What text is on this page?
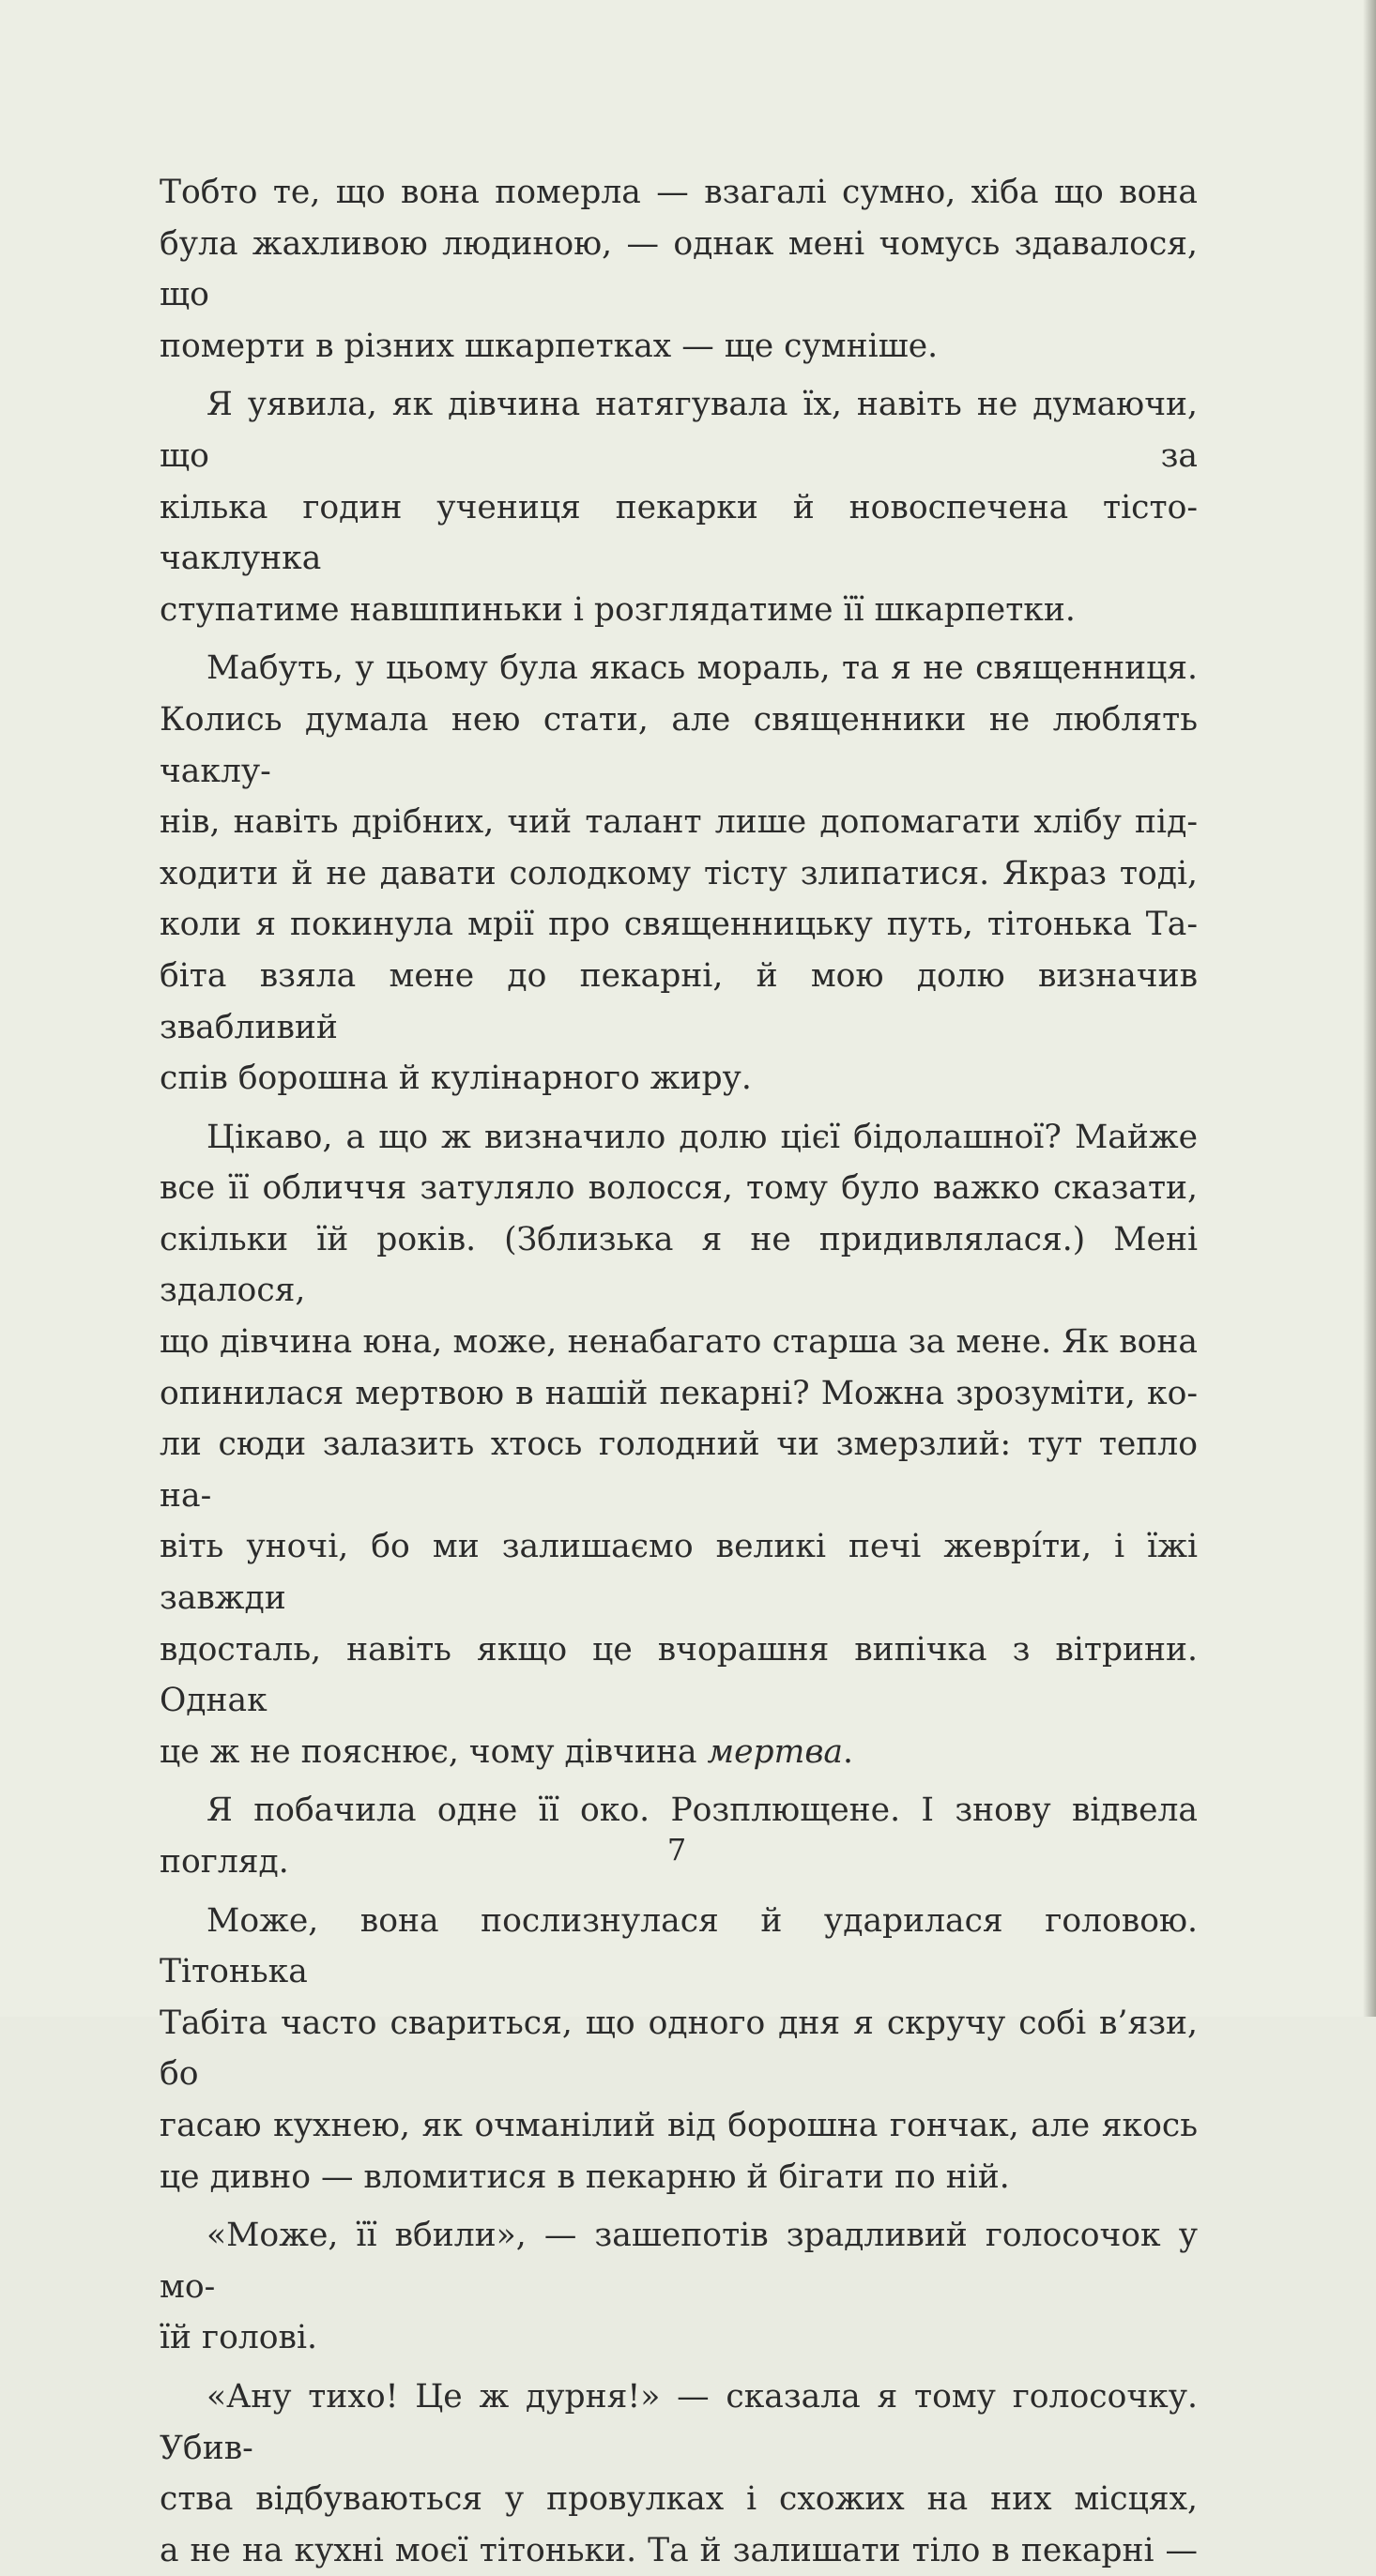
Тобто те, що вона померла — взагалі сумно, хіба що вона
була жахливою людиною, — однак мені чомусь здавалося, що
померти в різних шкарпетках — ще сумніше.
Я уявила, як дівчина натягувала їх, навіть не думаючи, що за
кілька годин учениця пекарки й новоспечена тісто-чаклунка
ступатиме навшпиньки і розглядатиме її шкарпетки.
Мабуть, у цьому була якась мораль, та я не священниця.
Колись думала нею стати, але священники не люблять чаклу-
нів, навіть дрібних, чий талант лише допомагати хлібу під-
ходити й не давати солодкому тісту злипатися. Якраз тоді,
коли я покинула мрії про священницьку путь, тітонька Та-
біта взяла мене до пекарні, й мою долю визначив звабливий
спів борошна й кулінарного жиру.
Цікаво, а що ж визначило долю цієї бідолашної? Майже
все її обличчя затуляло волосся, тому було важко сказати,
скільки їй років. (Зблизька я не придивлялася.) Мені здалося,
що дівчина юна, може, ненабагато старша за мене. Як вона
опинилася мертвою в нашій пекарні? Можна зрозуміти, ко-
ли сюди залазить хтось голодний чи змерзлий: тут тепло на-
віть уночі, бо ми залишаємо великі печі жеврíти, і їжі завжди
вдосталь, навіть якщо це вчорашня випічка з вітрини. Однак
це ж не пояснює, чому дівчина мертва.
Я побачила одне її око. Розплющене. І знову відвела погляд.
Може, вона послизнулася й ударилася головою. Тітонька
Табіта часто свариться, що одного дня я скручу собі в’язи, бо
гасаю кухнею, як очманілий від борошна гончак, але якось
це дивно — вломитися в пекарню й бігати по ній.
«Може, її вбили», — зашепотів зрадливий голосочок у мо-
їй голові.
«Ану тихо! Це ж дурня!» — сказала я тому голосочку. Убив-
ства відбуваються у провулках і схожих на них місцях,
а не на кухні моєї тітоньки. Та й залишати тіло в пекарні —
7
